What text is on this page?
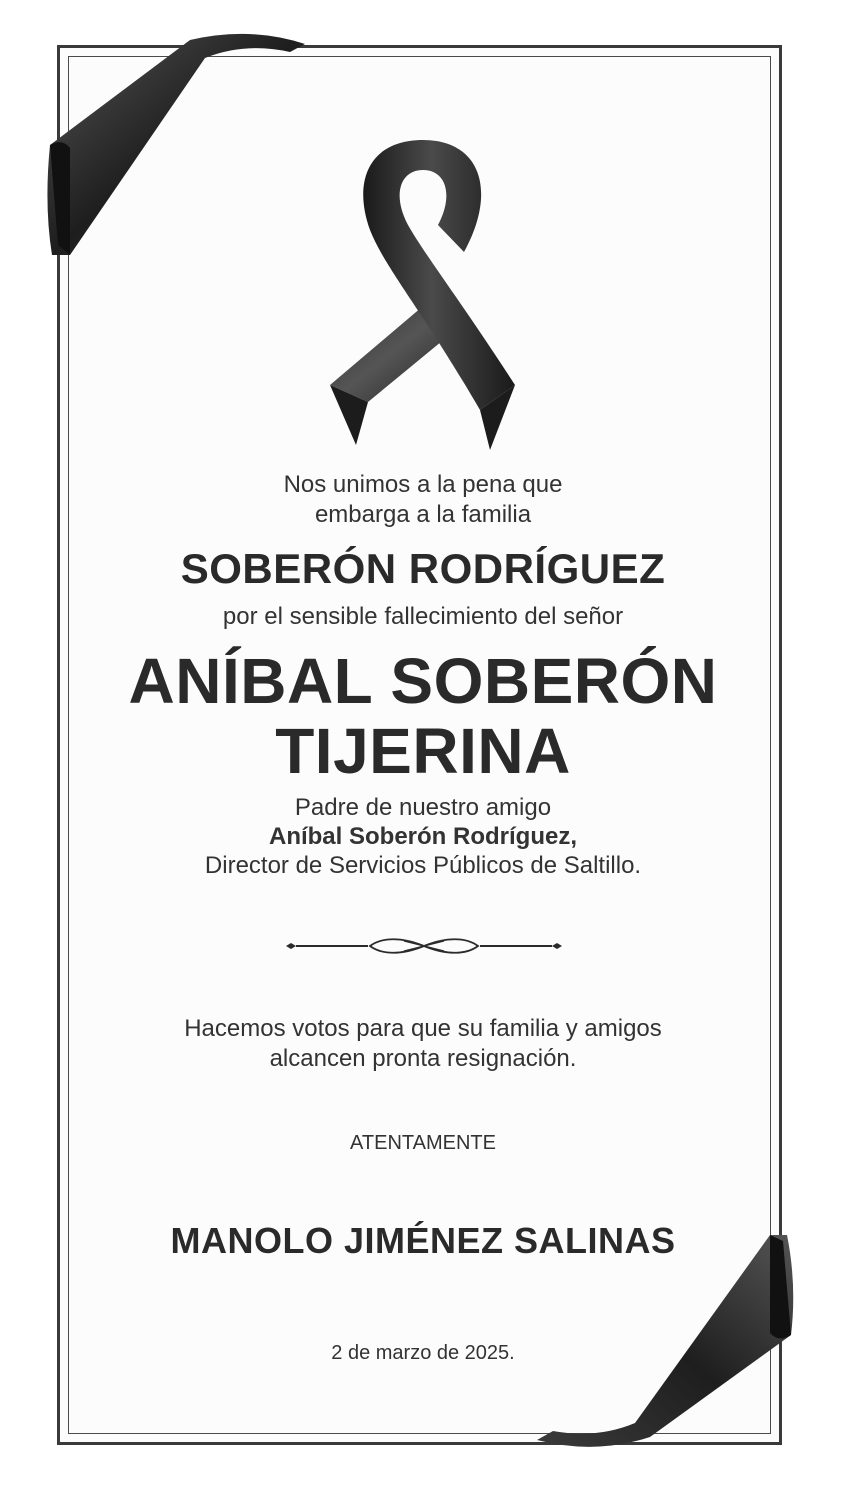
Nos unimos a la pena que
embarga a la familia
SOBERÓN RODRÍGUEZ
por el sensible fallecimiento del señor
ANÍBAL SOBERÓN
TIJERINA
Padre de nuestro amigo
Aníbal Soberón Rodríguez,
Director de Servicios Públicos de Saltillo.
Hacemos votos para que su familia y amigos
alcancen pronta resignación.
ATENTAMENTE
MANOLO JIMÉNEZ SALINAS
2 de marzo de 2025.
